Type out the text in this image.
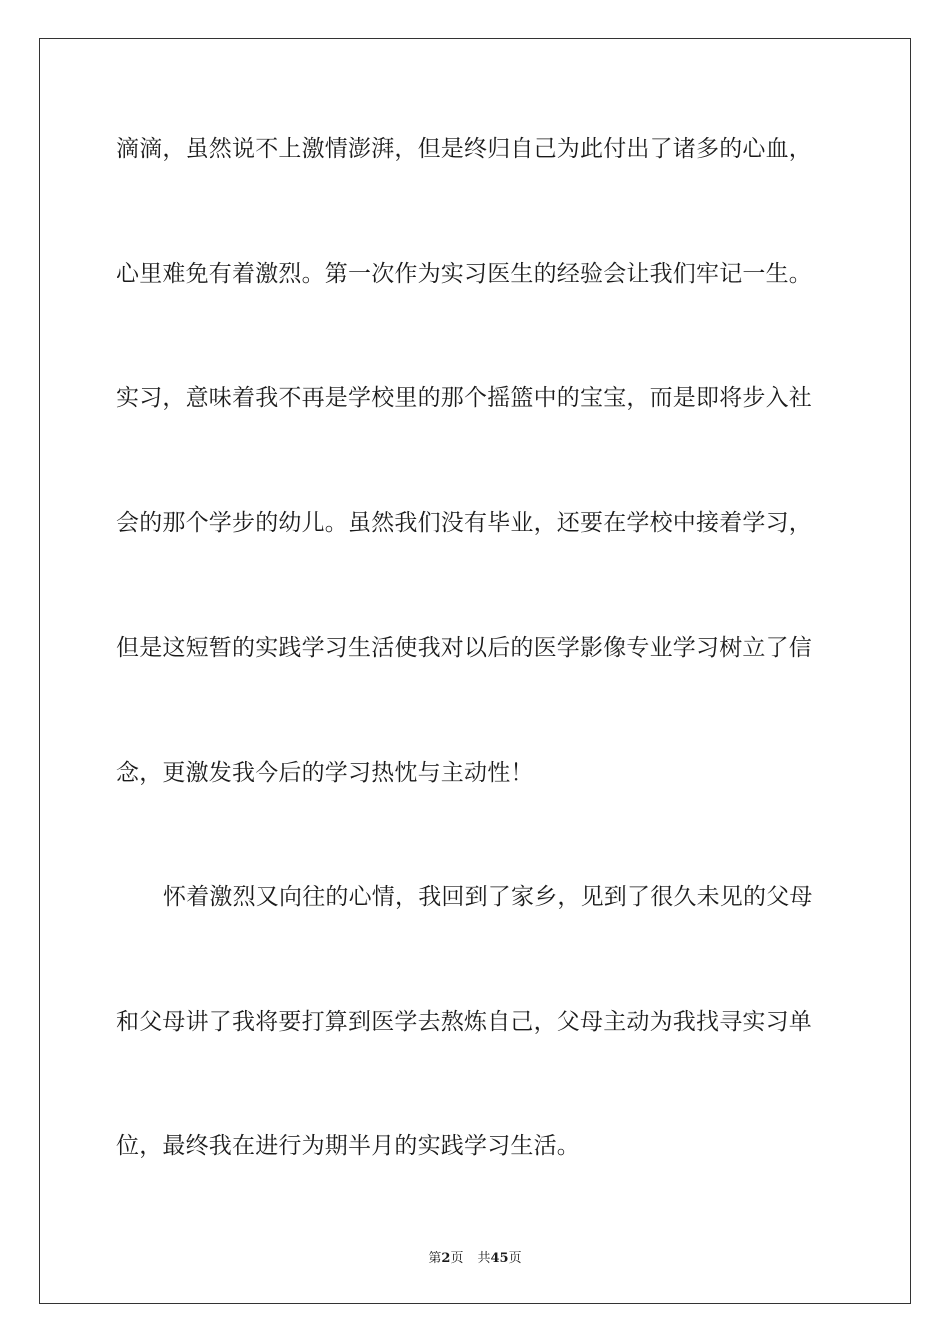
滴滴，虽然说不上激情澎湃，但是终归自己为此付出了诸多的心血，
心里难免有着激烈。第一次作为实习医生的经验会让我们牢记一生。
实习，意味着我不再是学校里的那个摇篮中的宝宝，而是即将步入社
会的那个学步的幼儿。虽然我们没有毕业，还要在学校中接着学习，
但是这短暂的实践学习生活使我对以后的医学影像专业学习树立了信
念，更激发我今后的学习热忱与主动性！
怀着激烈又向往的心情，我回到了家乡，见到了很久未见的父母
和父母讲了我将要打算到医学去熬炼自己，父母主动为我找寻实习单
位，最终我在进行为期半月的实践学习生活。
第2页 共45页
